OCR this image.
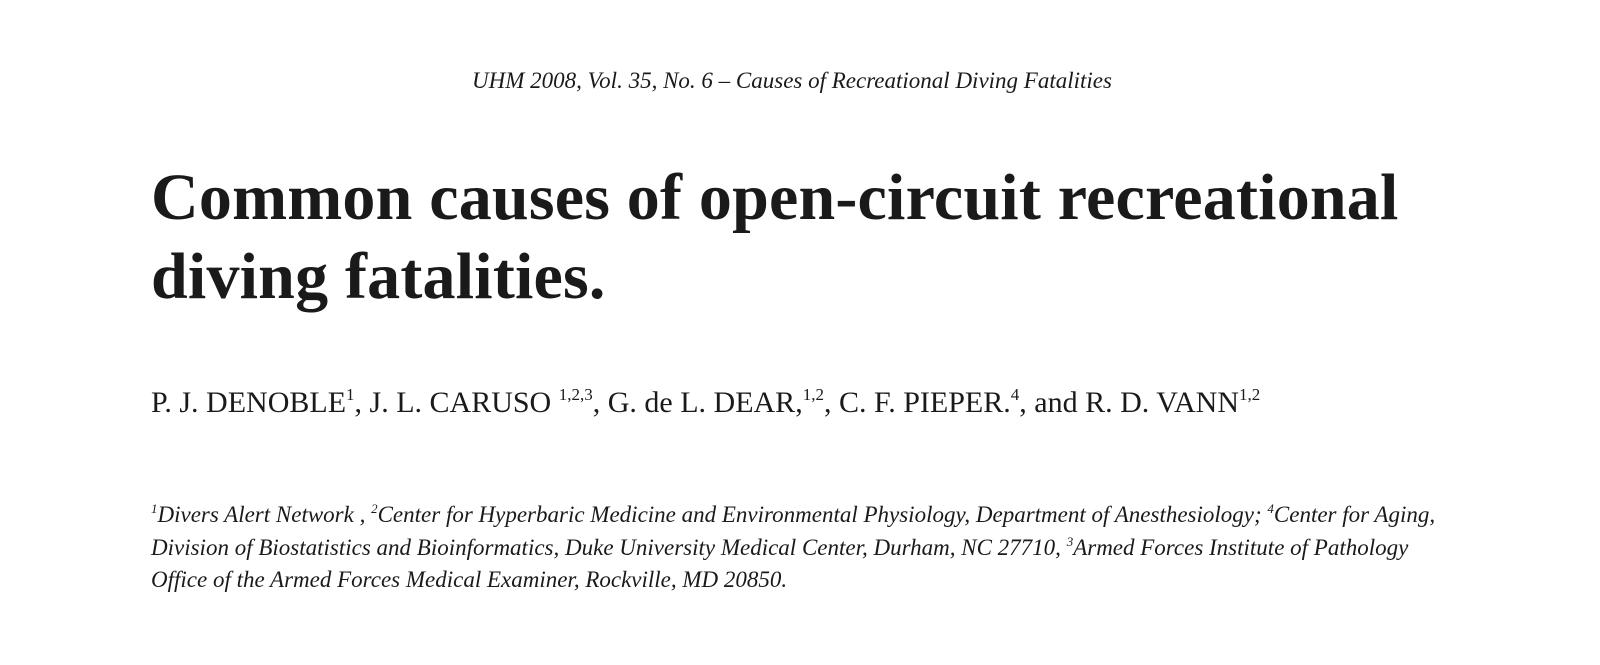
UHM 2008, Vol. 35, No. 6 – Causes of Recreational Diving Fatalities
Common causes of open-circuit recreational
diving fatalities.
P. J. DENOBLE$^1$, J. L. CARUSO $^{1,2,3}$, G. de L. DEAR,$^{1,2}$, C. F. PIEPER.$^4$, and R. D. VANN$^{1,2}$
$^1$Divers Alert Network , $^2$Center for Hyperbaric Medicine and Environmental Physiology, Department of Anesthesiology; $^4$Center for Aging, Division of Biostatistics and Bioinformatics, Duke University Medical Center, Durham, NC 27710, $^3$Armed Forces Institute of Pathology Office of the Armed Forces Medical Examiner, Rockville, MD 20850.
